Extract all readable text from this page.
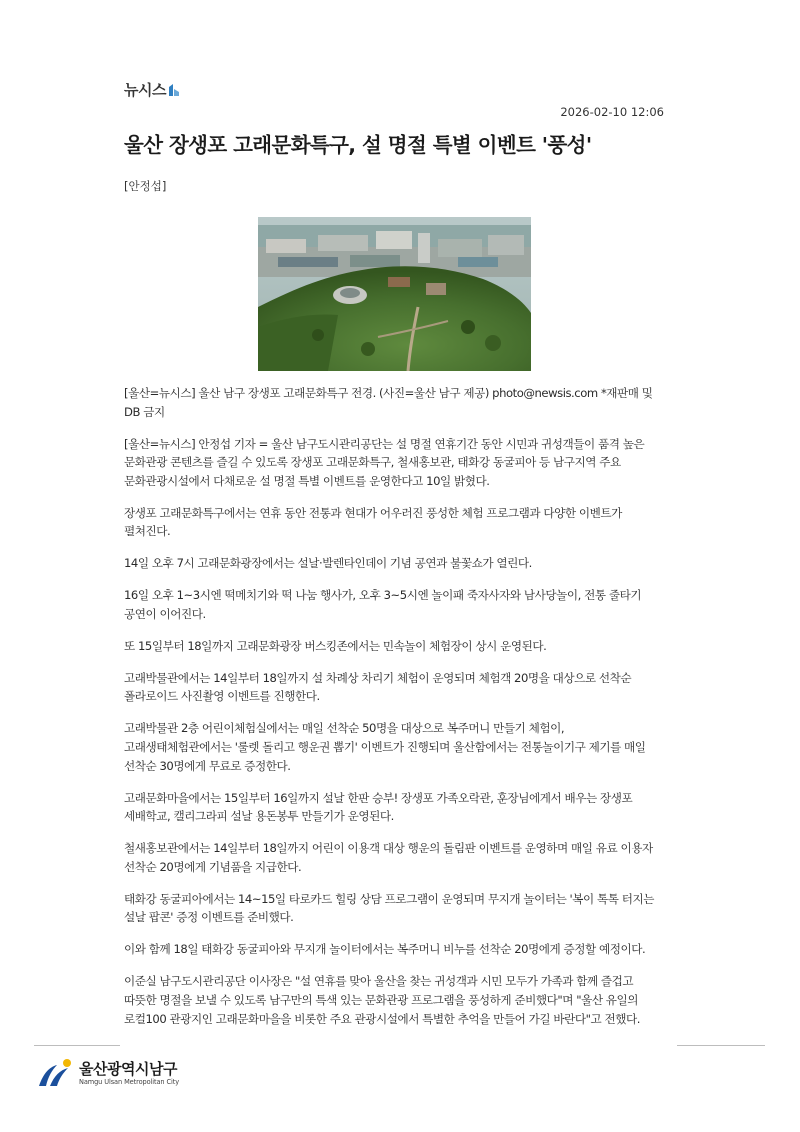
뉴시스
2026-02-10 12:06
울산 장생포 고래문화특구, 설 명절 특별 이벤트 '풍성'
[안정섭]

[울산=뉴시스] 울산 남구 장생포 고래문화특구 전경. (사진=울산 남구 제공) photo@newsis.com *재판매 및 DB 금지

[울산=뉴시스] 안정섭 기자 = 울산 남구도시관리공단는 설 명절 연휴기간 동안 시민과 귀성객들이 품격 높은 문화관광 콘텐츠를 즐길 수 있도록 장생포 고래문화특구, 철새홍보관, 태화강 동굴피아 등 남구지역 주요 문화관광시설에서 다채로운 설 명절 특별 이벤트를 운영한다고 10일 밝혔다.

장생포 고래문화특구에서는 연휴 동안 전통과 현대가 어우러진 풍성한 체험 프로그램과 다양한 이벤트가 펼쳐진다.

14일 오후 7시 고래문화광장에서는 설날·발렌타인데이 기념 공연과 불꽃쇼가 열린다.

16일 오후 1~3시엔 떡메치기와 떡 나눔 행사가, 오후 3~5시엔 놀이패 죽자사자와 남사당놀이, 전통 줄타기 공연이 이어진다.

또 15일부터 18일까지 고래문화광장 버스킹존에서는 민속놀이 체험장이 상시 운영된다.

고래박물관에서는 14일부터 18일까지 설 차례상 차리기 체험이 운영되며 체험객 20명을 대상으로 선착순 폴라로이드 사진촬영 이벤트를 진행한다.

고래박물관 2층 어린이체험실에서는 매일 선착순 50명을 대상으로 복주머니 만들기 체험이, 고래생태체험관에서는 '룰렛 돌리고 행운권 뽑기' 이벤트가 진행되며 울산함에서는 전통놀이기구 제기를 매일 선착순 30명에게 무료로 증정한다.

고래문화마을에서는 15일부터 16일까지 설날 한판 승부! 장생포 가족오락관, 훈장님에게서 배우는 장생포 세배학교, 캘리그라피 설날 용돈봉투 만들기가 운영된다.

철새홍보관에서는 14일부터 18일까지 어린이 이용객 대상 행운의 돌림판 이벤트를 운영하며 매일 유료 이용자 선착순 20명에게 기념품을 지급한다.

태화강 동굴피아에서는 14~15일 타로카드 힐링 상담 프로그램이 운영되며 무지개 놀이터는 '복이 톡톡 터지는 설날 팝콘' 증정 이벤트를 준비했다.

이와 함께 18일 태화강 동굴피아와 무지개 놀이터에서는 복주머니 비누를 선착순 20명에게 증정할 예정이다.

이준실 남구도시관리공단 이사장은 "설 연휴를 맞아 울산을 찾는 귀성객과 시민 모두가 가족과 함께 즐겁고 따뜻한 명절을 보낼 수 있도록 남구만의 특색 있는 문화관광 프로그램을 풍성하게 준비했다"며 "울산 유일의 로컬100 관광지인 고래문화마을을 비롯한 주요 관광시설에서 특별한 추억을 만들어 가길 바란다"고 전했다.

울산광역시남구
Namgu Ulsan Metropolitan City
